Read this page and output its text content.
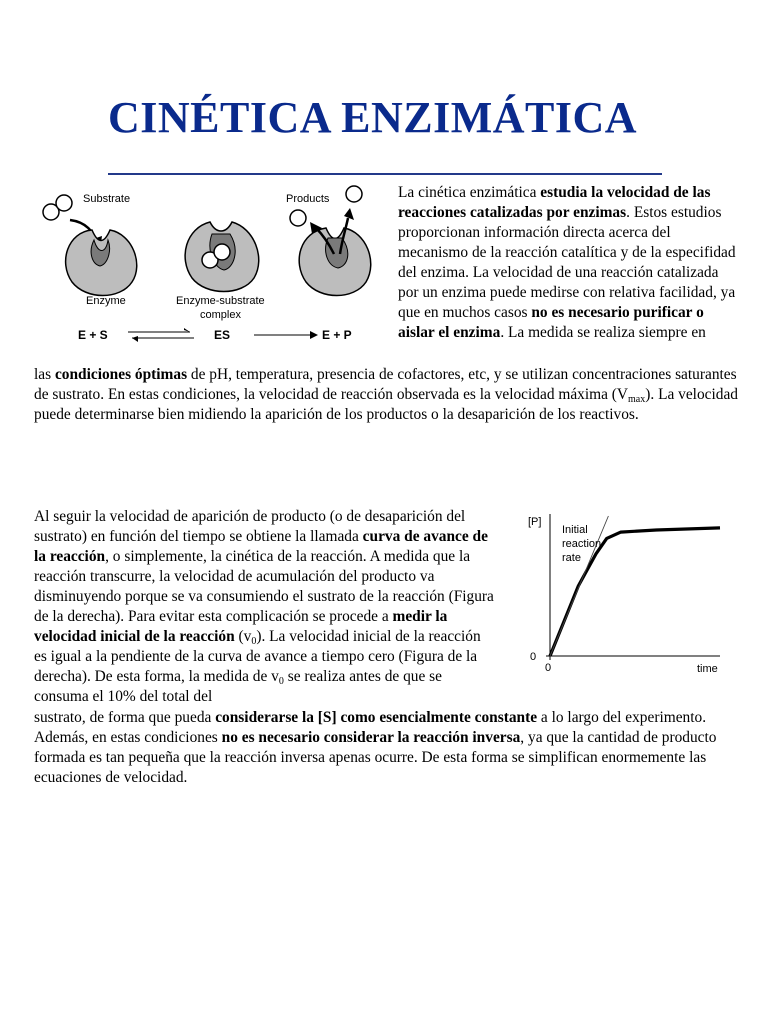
CINÉTICA ENZIMÁTICA
Substrate
Enzyme	Enzyme-substrate
complex
Products
E + S	ES	E + P

La cinética enzimática estudia la velocidad de las reacciones catalizadas por enzimas. Estos estudios proporcionan información directa acerca del mecanismo de la reacción catalítica y de la especifidad del enzima. La velocidad de una reacción catalizada por un enzima puede medirse con relativa facilidad, ya que en muchos casos no es necesario purificar o aislar el enzima. La medida se realiza siempre en

las condiciones óptimas de pH, temperatura, presencia de cofactores, etc, y se utilizan concentraciones saturantes de sustrato. En estas condiciones, la velocidad de reacción observada es la velocidad máxima $(V_{max})$. La velocidad puede determinarse bien midiendo la aparición de los productos o la desaparición de los reactivos.

Al seguir la velocidad de aparición de producto (o de desaparición del sustrato) en función del tiempo se obtiene la llamada curva de avance de la reacción, o simplemente, la cinética de la reacción. A medida que la reacción transcurre, la velocidad de acumulación del producto va disminuyendo porque se va consumiendo el sustrato de la reacción (Figura de la derecha). Para evitar esta complicación se procede a medir la velocidad inicial de la reacción $(v_0)$. La velocidad inicial de la reacción es igual a la pendiente de la curva de avance a tiempo cero (Figura de la derecha). De esta forma, la medida de $v_0$ se realiza antes de que se consuma el 10% del total del

sustrato, de forma que pueda considerarse la [S] como esencialmente constante a lo largo del experimento. Además, en estas condiciones no es necesario considerar la reacción inversa, ya que la cantidad de producto formada es tan pequeña que la reacción inversa apenas ocurre. De esta forma se simplifican enormemente las ecuaciones de velocidad.

[P]
time
0
0
Initial
reaction
rate
